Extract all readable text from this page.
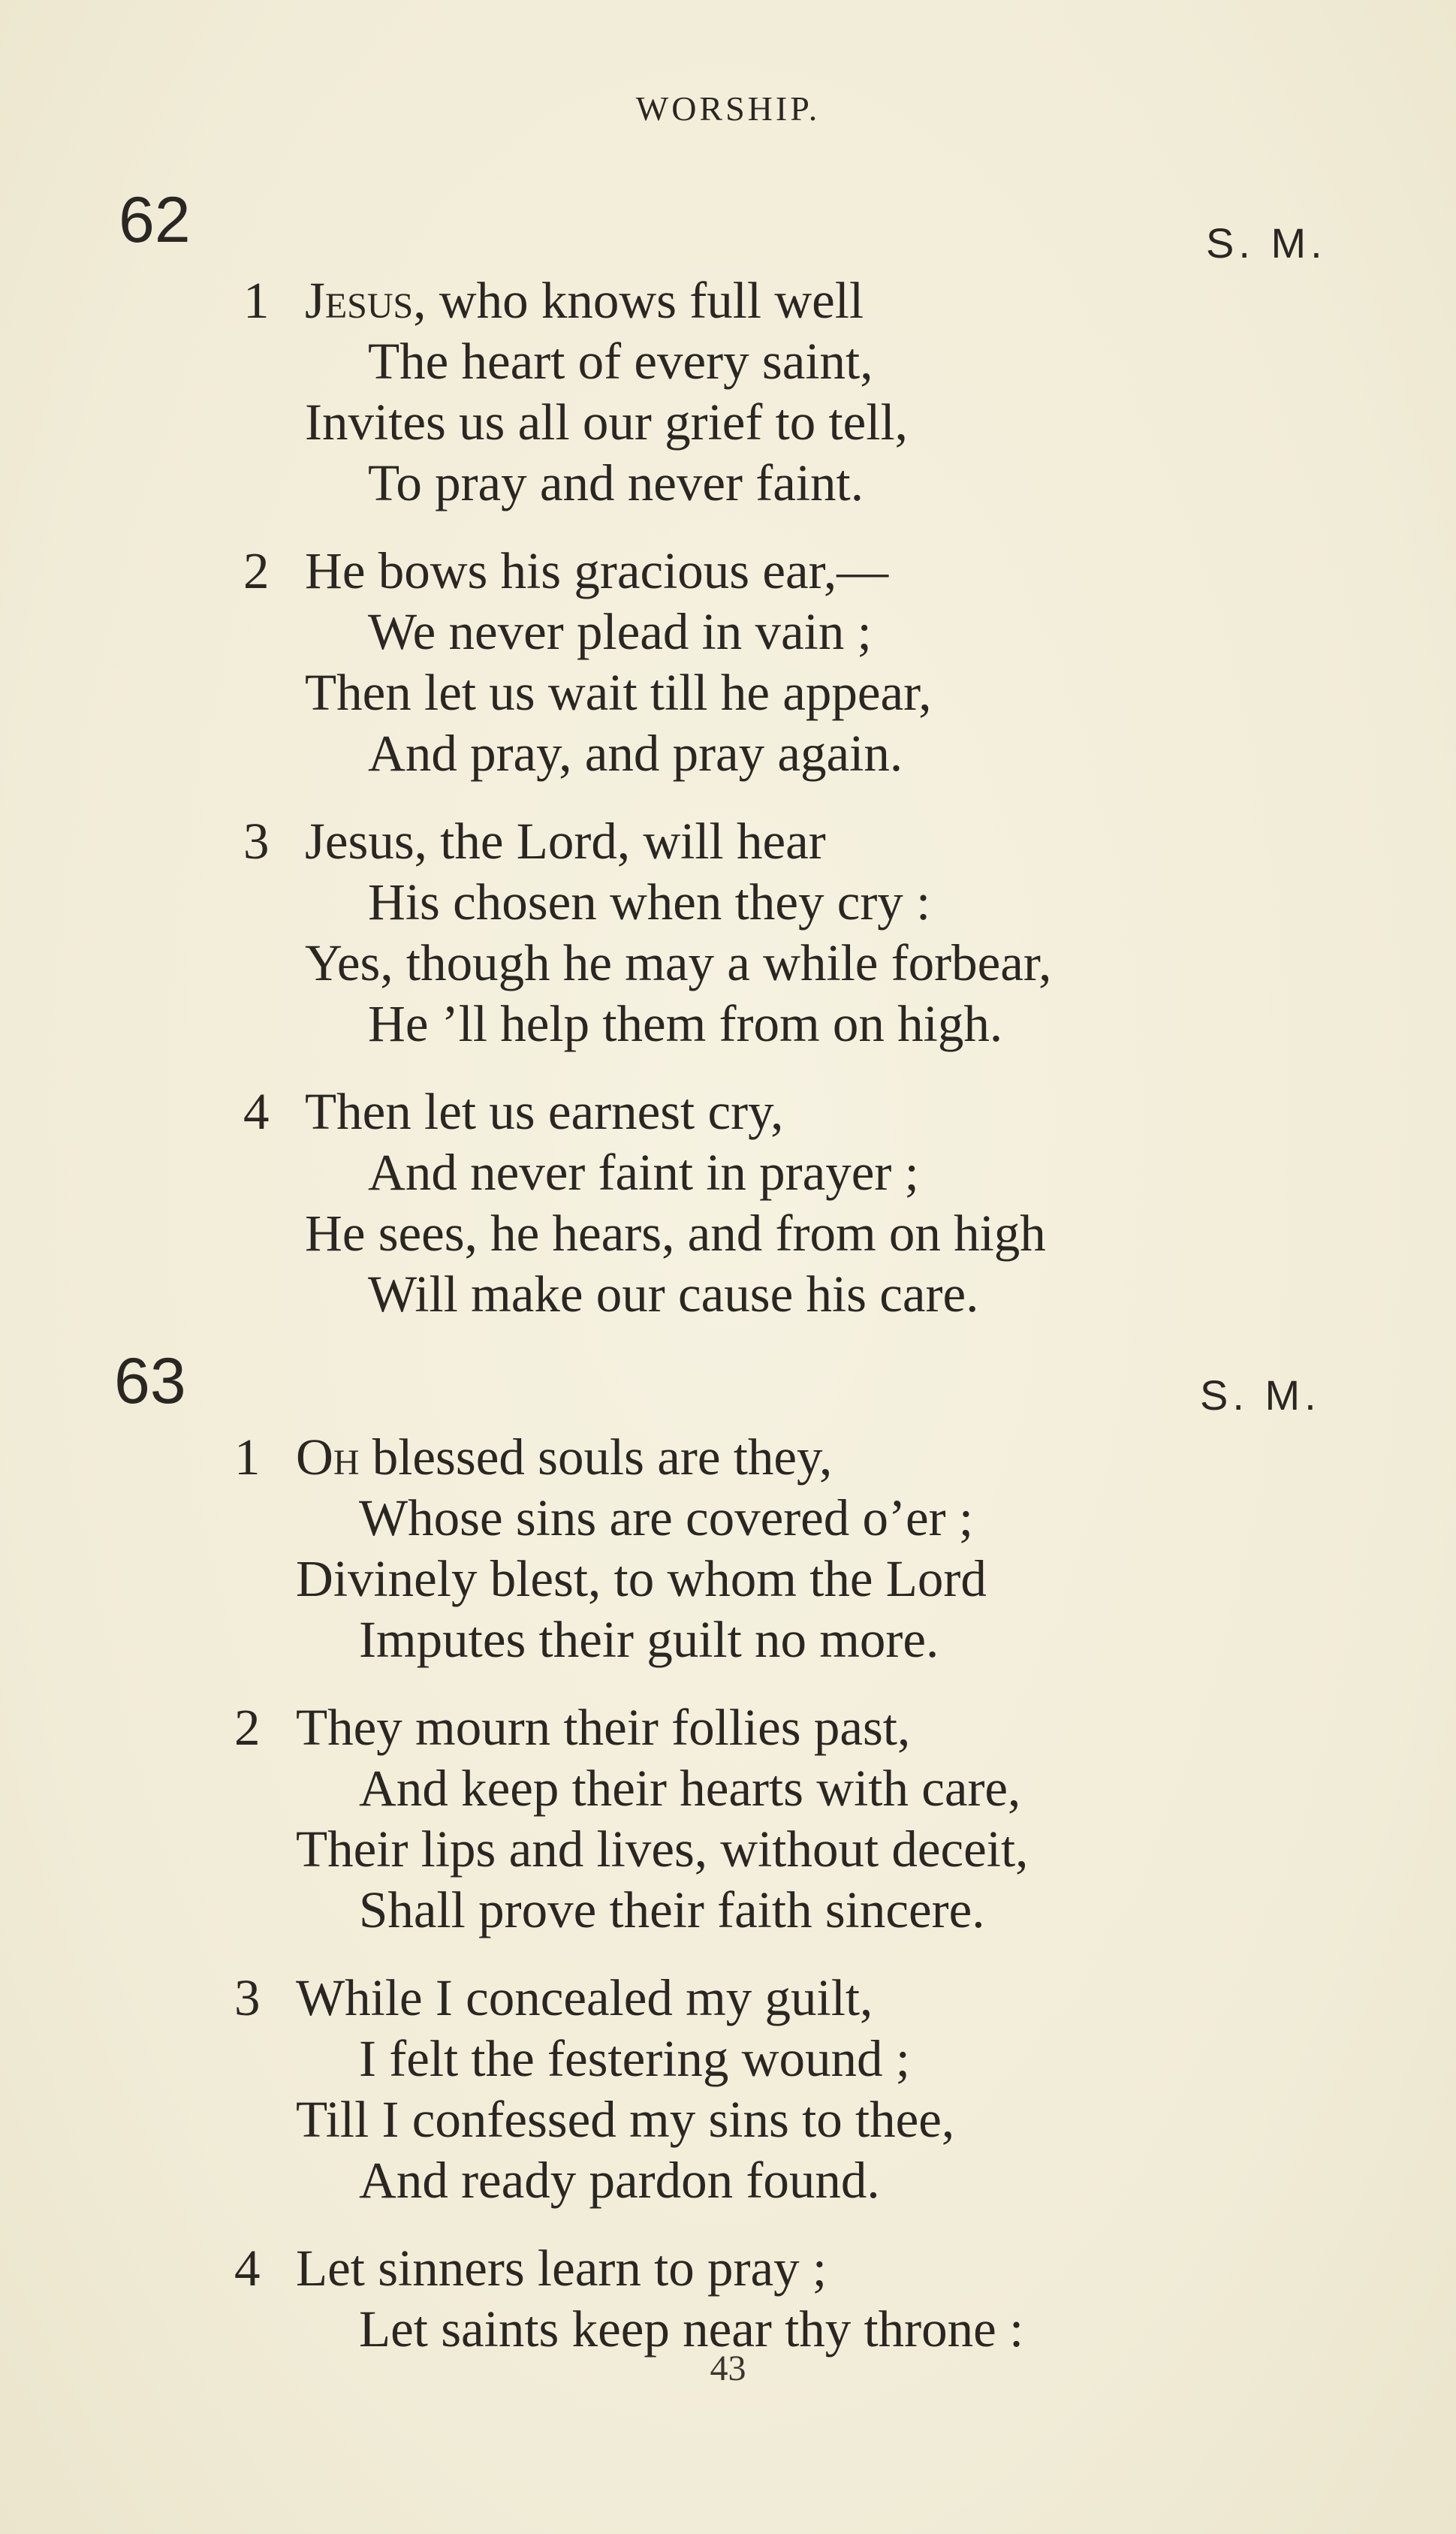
WORSHIP.
62	S. M.
1 Jesus, who knows full well
The heart of every saint,
Invites us all our grief to tell,
To pray and never faint.
2 He bows his gracious ear,—
We never plead in vain ;
Then let us wait till he appear,
And pray, and pray again.
3 Jesus, the Lord, will hear
His chosen when they cry :
Yes, though he may a while forbear,
He ’ll help them from on high.
4 Then let us earnest cry,
And never faint in prayer ;
He sees, he hears, and from on high
Will make our cause his care.
63	S. M.
1 Oh blessed souls are they,
Whose sins are covered o’er ;
Divinely blest, to whom the Lord
Imputes their guilt no more.
2 They mourn their follies past,
And keep their hearts with care,
Their lips and lives, without deceit,
Shall prove their faith sincere.
3 While I concealed my guilt,
I felt the festering wound ;
Till I confessed my sins to thee,
And ready pardon found.
4 Let sinners learn to pray ;
Let saints keep near thy throne :
43
